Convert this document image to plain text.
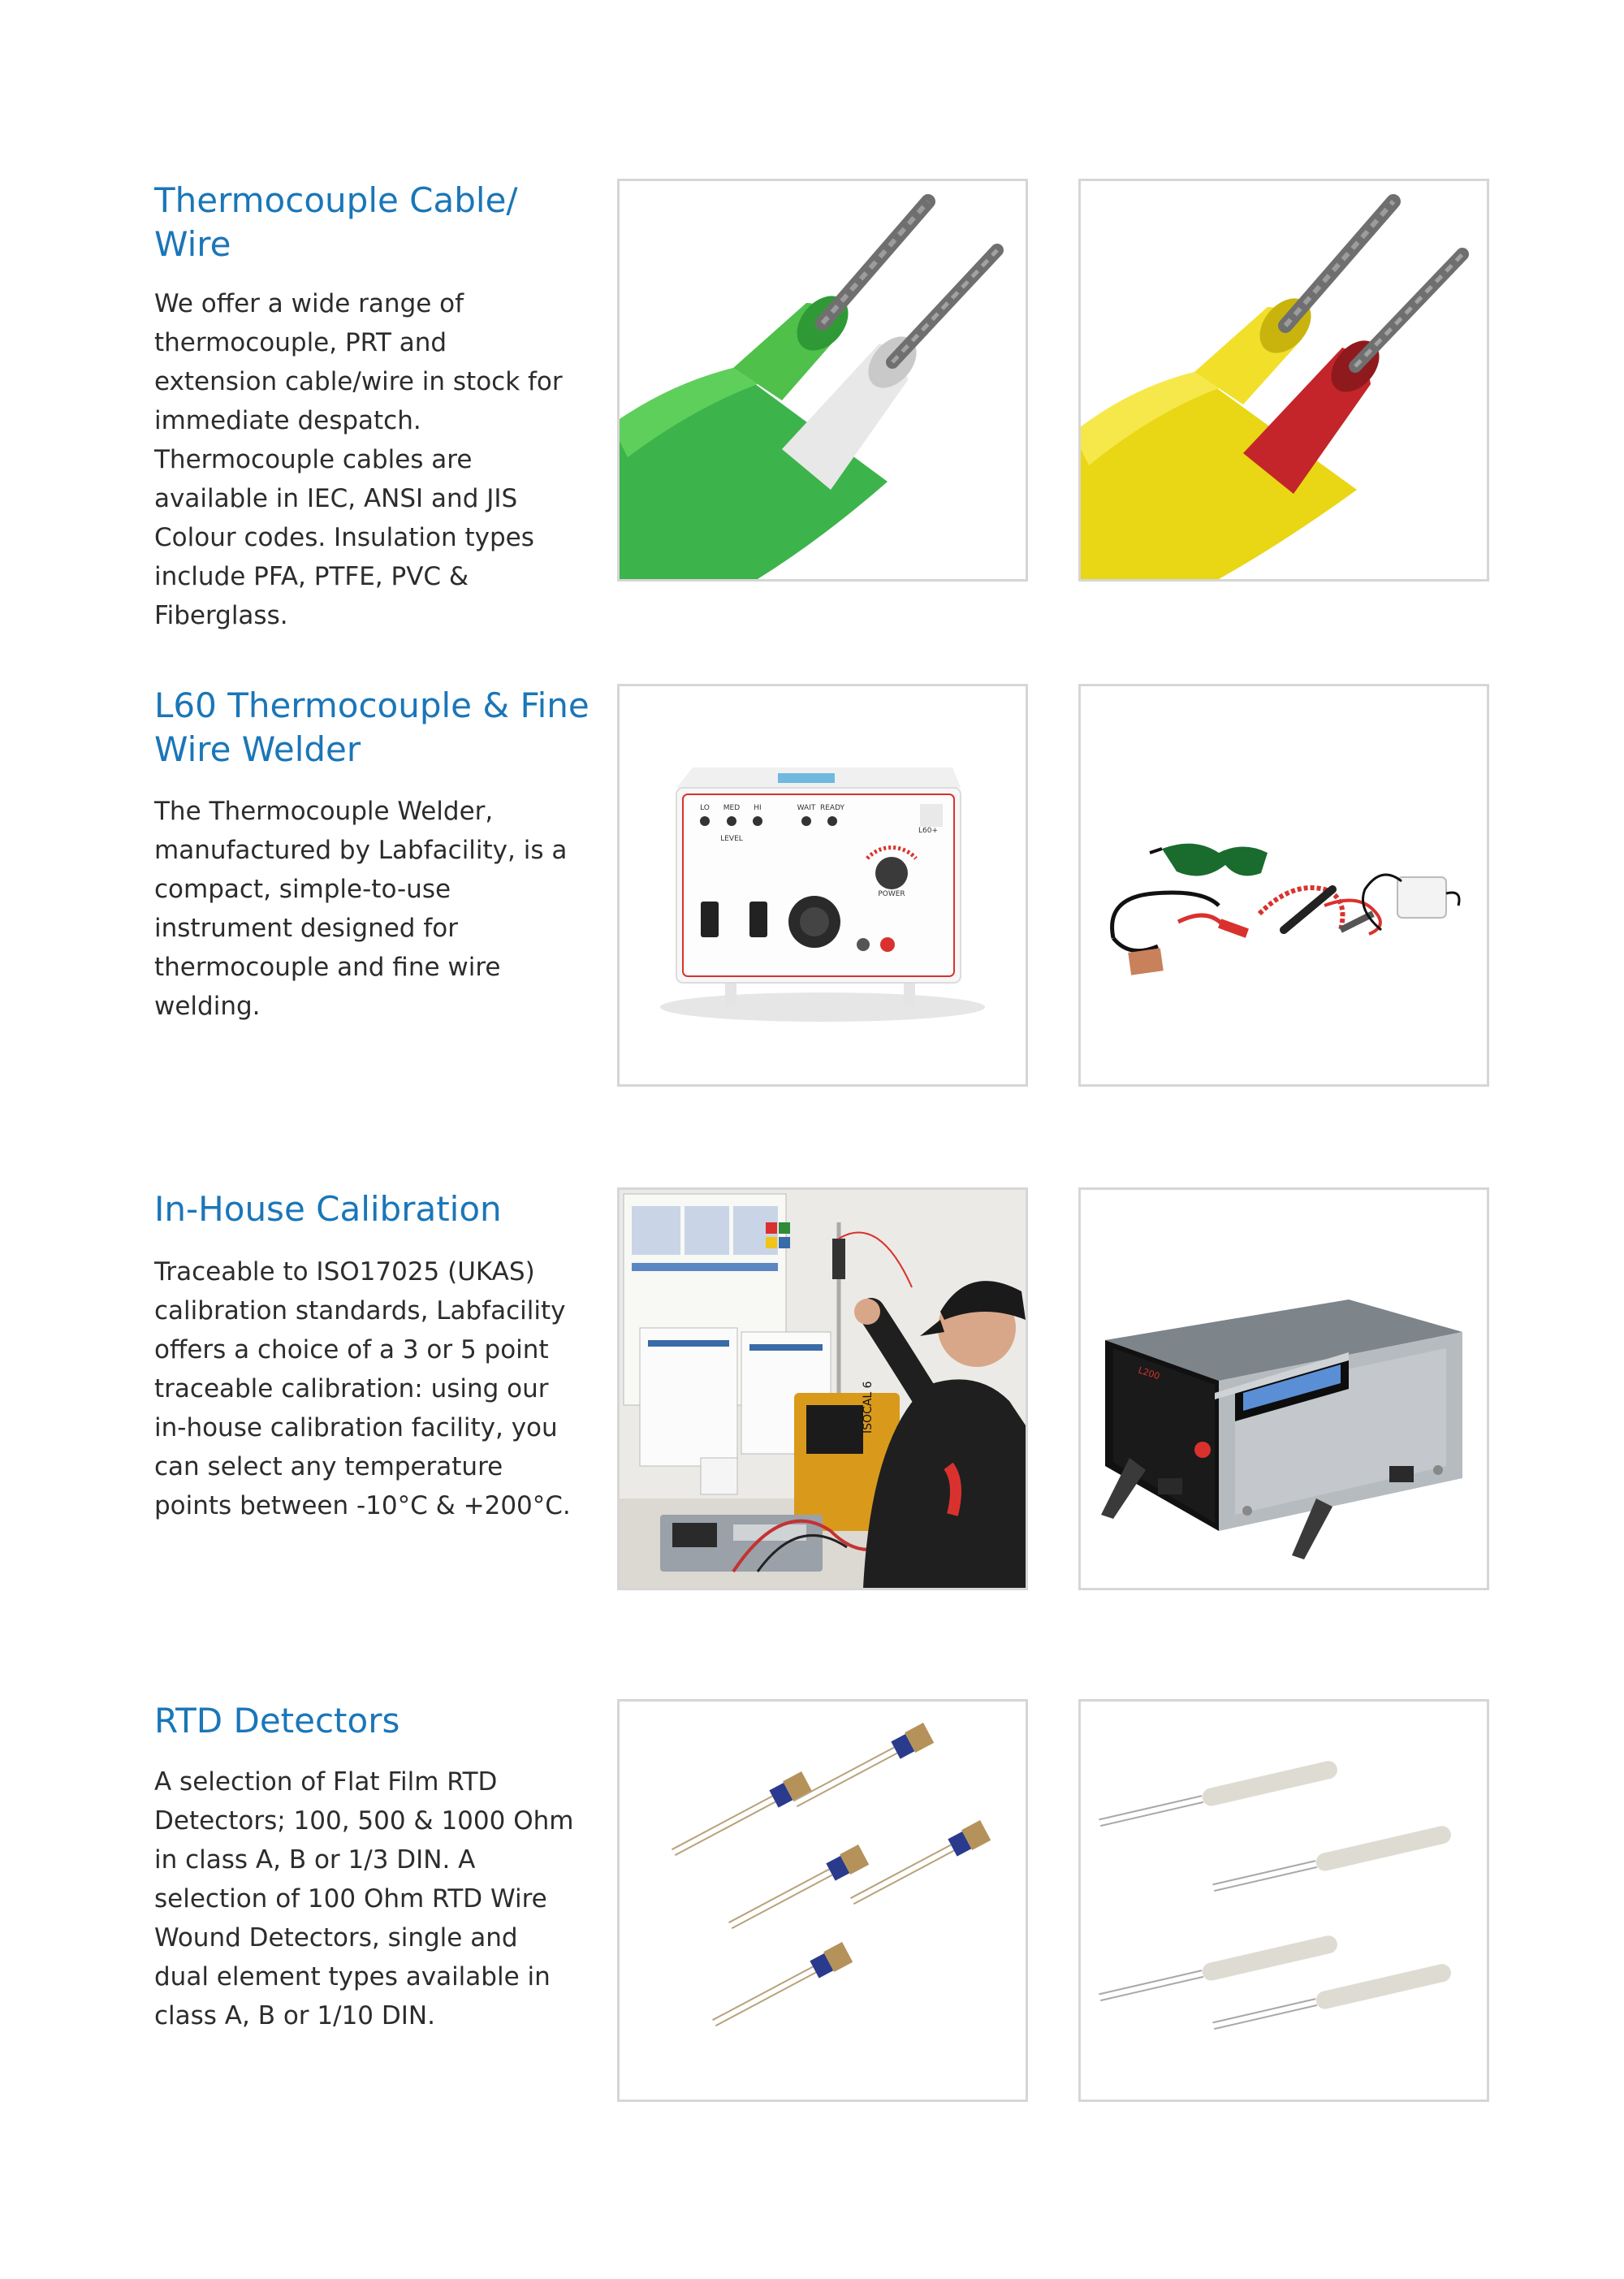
Thermocouple Cable/ Wire

We offer a wide range of thermocouple, PRT and extension cable/wire in stock for immediate despatch. Thermocouple cables are available in IEC, ANSI and JIS Colour codes. Insulation types include PFA, PTFE, PVC & Fiberglass.

L60 Thermocouple & Fine Wire Welder

The Thermocouple Welder, manufactured by Labfacility, is a compact, simple-to-use instrument designed for thermocouple and fine wire welding.

LO MED HI	WAIT READY
LEVEL
L60+
POWER
In-House Calibration

Traceable to ISO17025 (UKAS) calibration standards, Labfacility offers a choice of a 3 or 5 point traceable calibration: using our in-house calibration facility, you can select any temperature points between -10°C & +200°C.

ISOCAL 6
L200
RTD Detectors

A selection of Flat Film RTD Detectors; 100, 500 & 1000 Ohm in class A, B or 1/3 DIN. A selection of 100 Ohm RTD Wire Wound Detectors, single and dual element types available in class A, B or 1/10 DIN.
